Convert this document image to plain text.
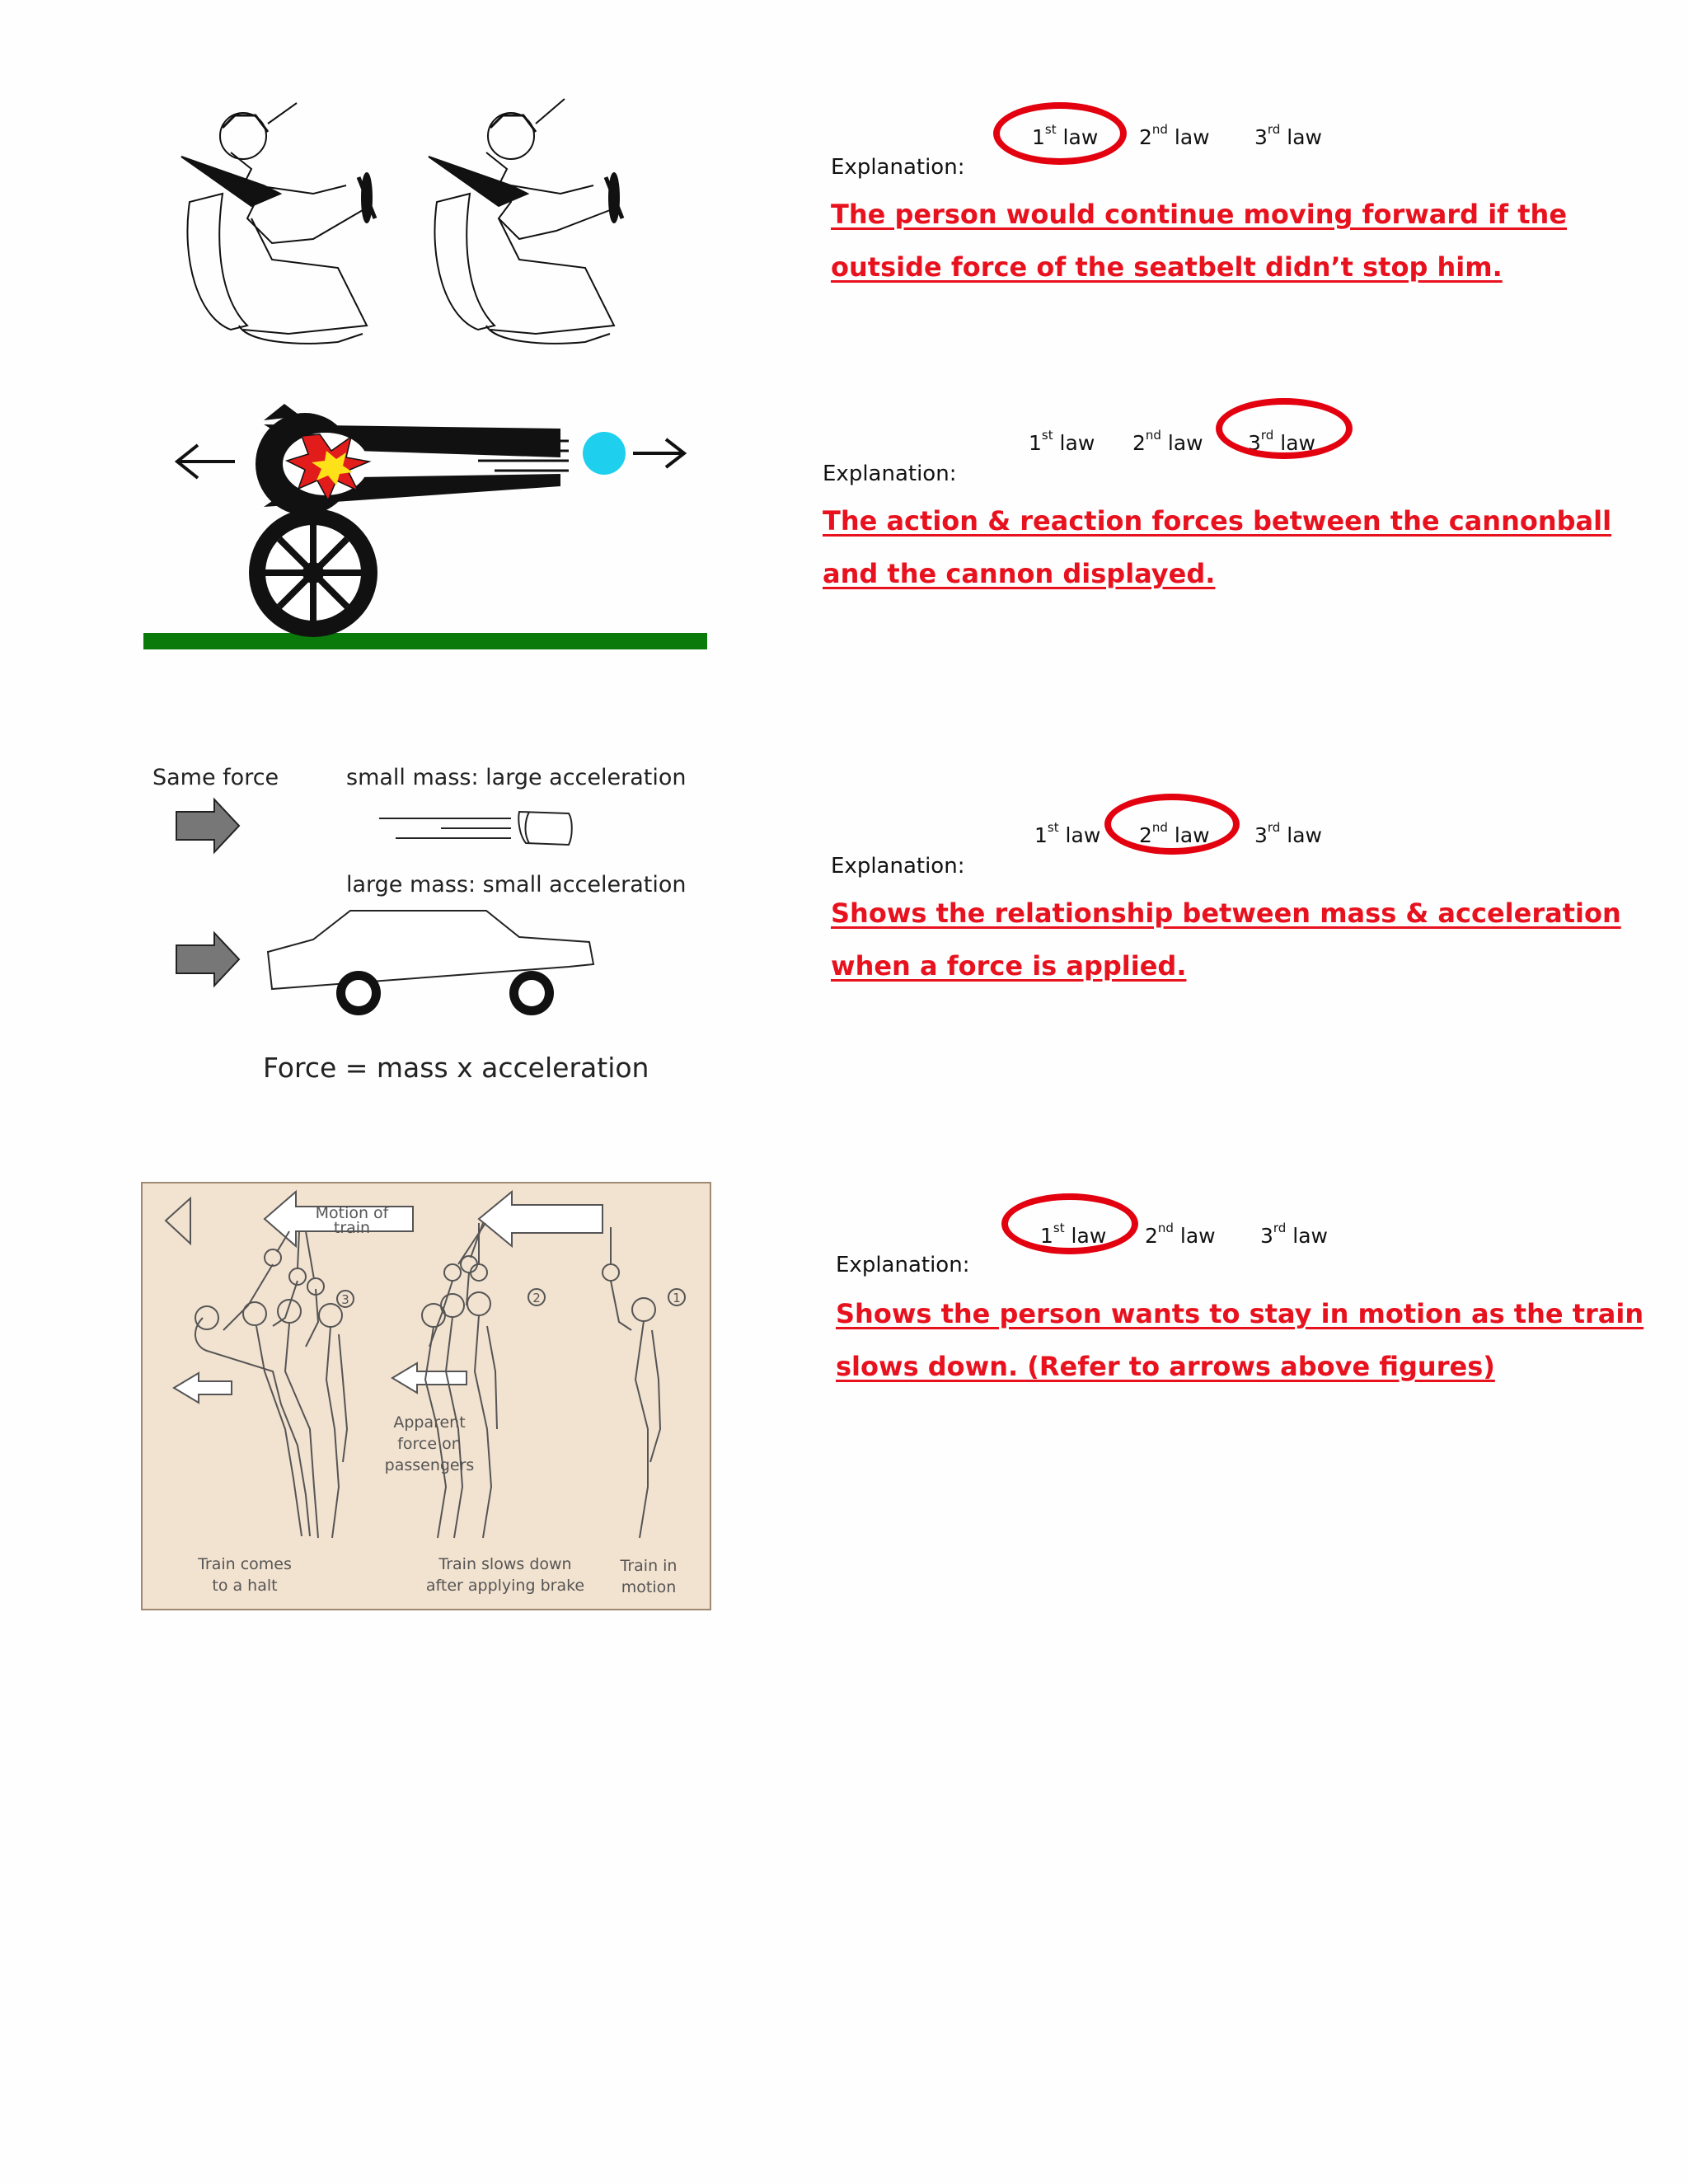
1st law 2nd law 3rd law
Explanation:
The person would continue moving forward if the
outside force of the seatbelt didn’t stop him.
1st law 2nd law 3rd law
Explanation:
The action & reaction forces between the cannonball
and the cannon displayed.
Same force	small mass: large acceleration
large mass: small acceleration
Force = mass x acceleration
1st law 2nd law 3rd law
Explanation:
Shows the relationship between mass & acceleration
when a force is applied.
Motion of
train
3	2	1
Apparent
force on
passengers
Train comes
to a halt
Train slows down
after applying brake
Train in
motion
1st law 2nd law 3rd law
Explanation:
Shows the person wants to stay in motion as the train
slows down. (Refer to arrows above figures)
